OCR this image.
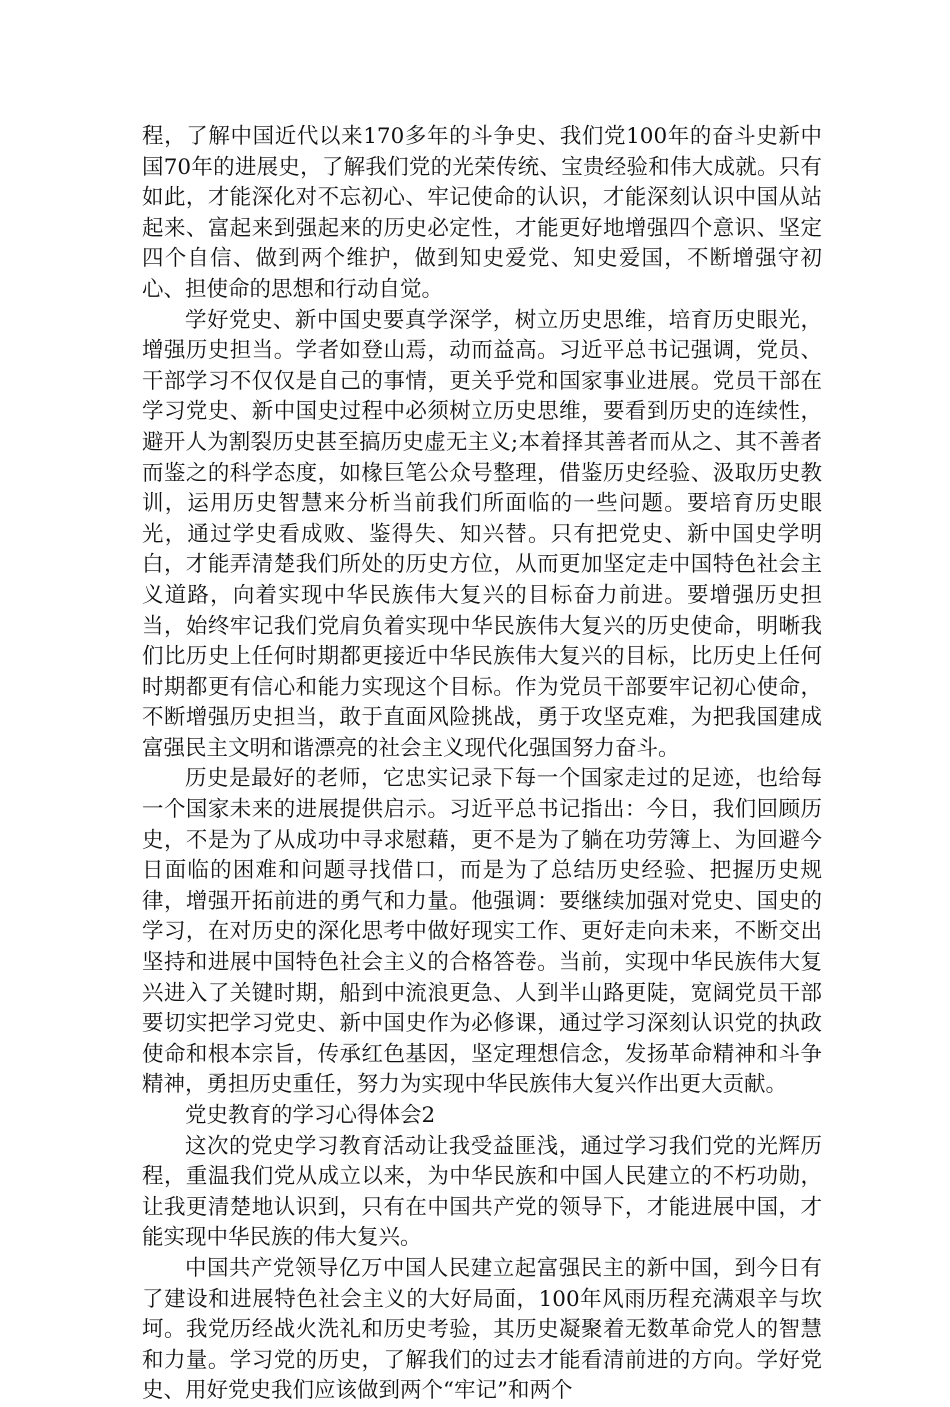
程，了解中国近代以来170多年的斗争史、我们党100年的奋斗史新中国70年的进展史，了解我们党的光荣传统、宝贵经验和伟大成就。只有如此，才能深化对不忘初心、牢记使命的认识，才能深刻认识中国从站起来、富起来到强起来的历史必定性，才能更好地增强四个意识、坚定四个自信、做到两个维护，做到知史爱党、知史爱国，不断增强守初心、担使命的思想和行动自觉。

学好党史、新中国史要真学深学，树立历史思维，培育历史眼光，增强历史担当。学者如登山焉，动而益高。习近平总书记强调，党员、干部学习不仅仅是自己的事情，更关乎党和国家事业进展。党员干部在学习党史、新中国史过程中必须树立历史思维，要看到历史的连续性，避开人为割裂历史甚至搞历史虚无主义;本着择其善者而从之、其不善者而鉴之的科学态度，如椽巨笔公众号整理，借鉴历史经验、汲取历史教训，运用历史智慧来分析当前我们所面临的一些问题。要培育历史眼光，通过学史看成败、鉴得失、知兴替。只有把党史、新中国史学明白，才能弄清楚我们所处的历史方位，从而更加坚定走中国特色社会主义道路，向着实现中华民族伟大复兴的目标奋力前进。要增强历史担当，始终牢记我们党肩负着实现中华民族伟大复兴的历史使命，明晰我们比历史上任何时期都更接近中华民族伟大复兴的目标，比历史上任何时期都更有信心和能力实现这个目标。作为党员干部要牢记初心使命，不断增强历史担当，敢于直面风险挑战，勇于攻坚克难，为把我国建成富强民主文明和谐漂亮的社会主义现代化强国努力奋斗。

历史是最好的老师，它忠实记录下每一个国家走过的足迹，也给每一个国家未来的进展提供启示。习近平总书记指出：今日，我们回顾历史，不是为了从成功中寻求慰藉，更不是为了躺在功劳簿上、为回避今日面临的困难和问题寻找借口，而是为了总结历史经验、把握历史规律，增强开拓前进的勇气和力量。他强调：要继续加强对党史、国史的学习，在对历史的深化思考中做好现实工作、更好走向未来，不断交出坚持和进展中国特色社会主义的合格答卷。当前，实现中华民族伟大复兴进入了关键时期，船到中流浪更急、人到半山路更陡，宽阔党员干部要切实把学习党史、新中国史作为必修课，通过学习深刻认识党的执政使命和根本宗旨，传承红色基因，坚定理想信念，发扬革命精神和斗争精神，勇担历史重任，努力为实现中华民族伟大复兴作出更大贡献。

党史教育的学习心得体会2

这次的党史学习教育活动让我受益匪浅，通过学习我们党的光辉历程，重温我们党从成立以来，为中华民族和中国人民建立的不朽功勋，让我更清楚地认识到，只有在中国共产党的领导下，才能进展中国，才能实现中华民族的伟大复兴。

中国共产党领导亿万中国人民建立起富强民主的新中国，到今日有了建设和进展特色社会主义的大好局面，100年风雨历程充满艰辛与坎坷。我党历经战火洗礼和历史考验，其历史凝聚着无数革命党人的智慧和力量。学习党的历史，了解我们的过去才能看清前进的方向。学好党史、用好党史我们应该做到两个“牢记”和两个
